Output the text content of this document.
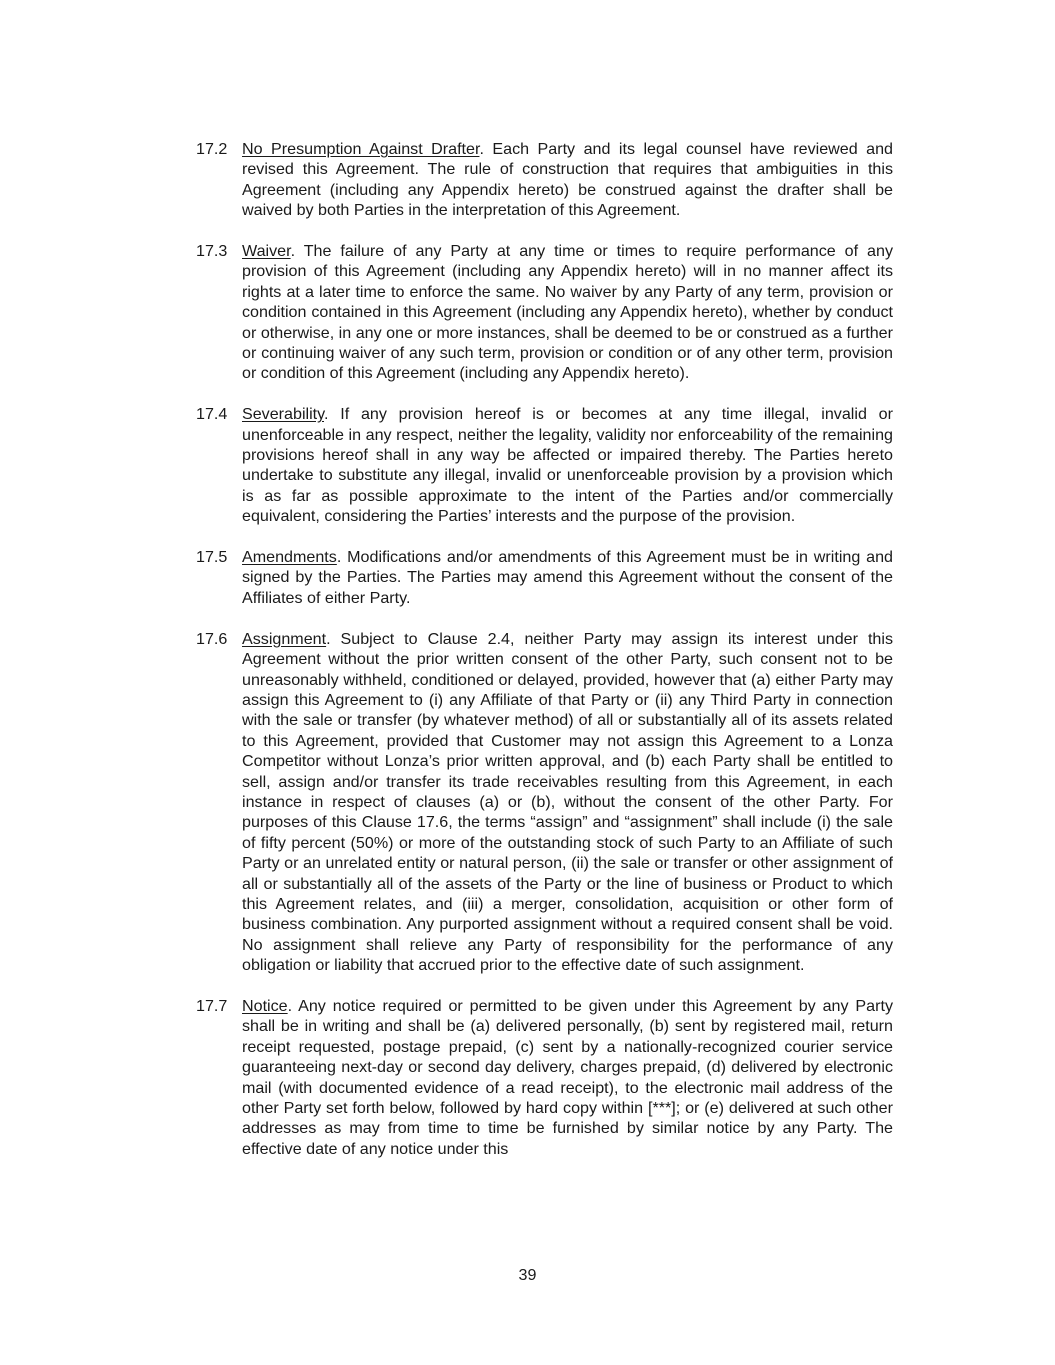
17.2 No Presumption Against Drafter. Each Party and its legal counsel have reviewed and revised this Agreement. The rule of construction that requires that ambiguities in this Agreement (including any Appendix hereto) be construed against the drafter shall be waived by both Parties in the interpretation of this Agreement.
17.3 Waiver. The failure of any Party at any time or times to require performance of any provision of this Agreement (including any Appendix hereto) will in no manner affect its rights at a later time to enforce the same. No waiver by any Party of any term, provision or condition contained in this Agreement (including any Appendix hereto), whether by conduct or otherwise, in any one or more instances, shall be deemed to be or construed as a further or continuing waiver of any such term, provision or condition or of any other term, provision or condition of this Agreement (including any Appendix hereto).
17.4 Severability. If any provision hereof is or becomes at any time illegal, invalid or unenforceable in any respect, neither the legality, validity nor enforceability of the remaining provisions hereof shall in any way be affected or impaired thereby. The Parties hereto undertake to substitute any illegal, invalid or unenforceable provision by a provision which is as far as possible approximate to the intent of the Parties and/or commercially equivalent, considering the Parties’ interests and the purpose of the provision.
17.5 Amendments. Modifications and/or amendments of this Agreement must be in writing and signed by the Parties. The Parties may amend this Agreement without the consent of the Affiliates of either Party.
17.6 Assignment. Subject to Clause 2.4, neither Party may assign its interest under this Agreement without the prior written consent of the other Party, such consent not to be unreasonably withheld, conditioned or delayed, provided, however that (a) either Party may assign this Agreement to (i) any Affiliate of that Party or (ii) any Third Party in connection with the sale or transfer (by whatever method) of all or substantially all of its assets related to this Agreement, provided that Customer may not assign this Agreement to a Lonza Competitor without Lonza’s prior written approval, and (b) each Party shall be entitled to sell, assign and/or transfer its trade receivables resulting from this Agreement, in each instance in respect of clauses (a) or (b), without the consent of the other Party. For purposes of this Clause 17.6, the terms “assign” and “assignment” shall include (i) the sale of fifty percent (50%) or more of the outstanding stock of such Party to an Affiliate of such Party or an unrelated entity or natural person, (ii) the sale or transfer or other assignment of all or substantially all of the assets of the Party or the line of business or Product to which this Agreement relates, and (iii) a merger, consolidation, acquisition or other form of business combination. Any purported assignment without a required consent shall be void. No assignment shall relieve any Party of responsibility for the performance of any obligation or liability that accrued prior to the effective date of such assignment.
17.7 Notice. Any notice required or permitted to be given under this Agreement by any Party shall be in writing and shall be (a) delivered personally, (b) sent by registered mail, return receipt requested, postage prepaid, (c) sent by a nationally-recognized courier service guaranteeing next-day or second day delivery, charges prepaid, (d) delivered by electronic mail (with documented evidence of a read receipt), to the electronic mail address of the other Party set forth below, followed by hard copy within [***]; or (e) delivered at such other addresses as may from time to time be furnished by similar notice by any Party. The effective date of any notice under this
39
